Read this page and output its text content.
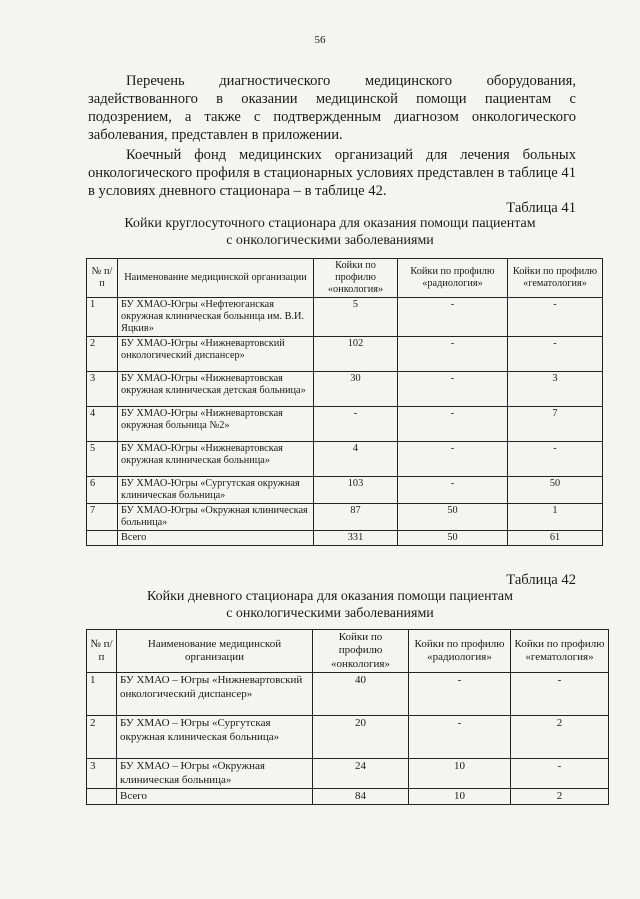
56

Перечень диагностического медицинского оборудования, задействованного в оказании медицинской помощи пациентам с подозрением, а также с подтвержденным диагнозом онкологического заболевания, представлен в приложении.

Коечный фонд медицинских организаций для лечения больных онкологического профиля в стационарных условиях представлен в таблице 41 в условиях дневного стационара – в таблице 42.

Таблица 41
Койки круглосуточного стационара для оказания помощи пациентам
с онкологическими заболеваниями
№ п/п	Наименование медицинской организации	Койки по профилю «онкология»	Койки по профилю «радиология»	Койки по профилю «гематология»
1	БУ ХМАО-Югры «Нефтеюганская окружная клиническая больница им. В.И. Яцкив»	5	-	-
2	БУ ХМАО-Югры «Нижневартовский онкологический диспансер»	102	-	-
3	БУ ХМАО-Югры «Нижневартовская окружная клиническая детская больница»	30	-	3
4	БУ ХМАО-Югры «Нижневартовская окружная больница №2»	-	-	7
5	БУ ХМАО-Югры «Нижневартовская окружная клиническая больница»	4	-	-
6	БУ ХМАО-Югры «Сургутская окружная клиническая больница»	103	-	50
7	БУ ХМАО-Югры «Окружная клиническая больница»	87	50	1
	Всего	331	50	61
Таблица 42
Койки дневного стационара для оказания помощи пациентам
с онкологическими заболеваниями
№ п/п	Наименование медицинской организации	Койки по профилю «онкология»	Койки по профилю «радиология»	Койки по профилю «гематология»
1	БУ ХМАО – Югры «Нижневартовский онкологический диспансер»	40	-	-
2	БУ ХМАО – Югры «Сургутская окружная клиническая больница»	20	-	2
3	БУ ХМАО – Югры «Окружная клиническая больница»	24	10	-
	Всего	84	10	2
